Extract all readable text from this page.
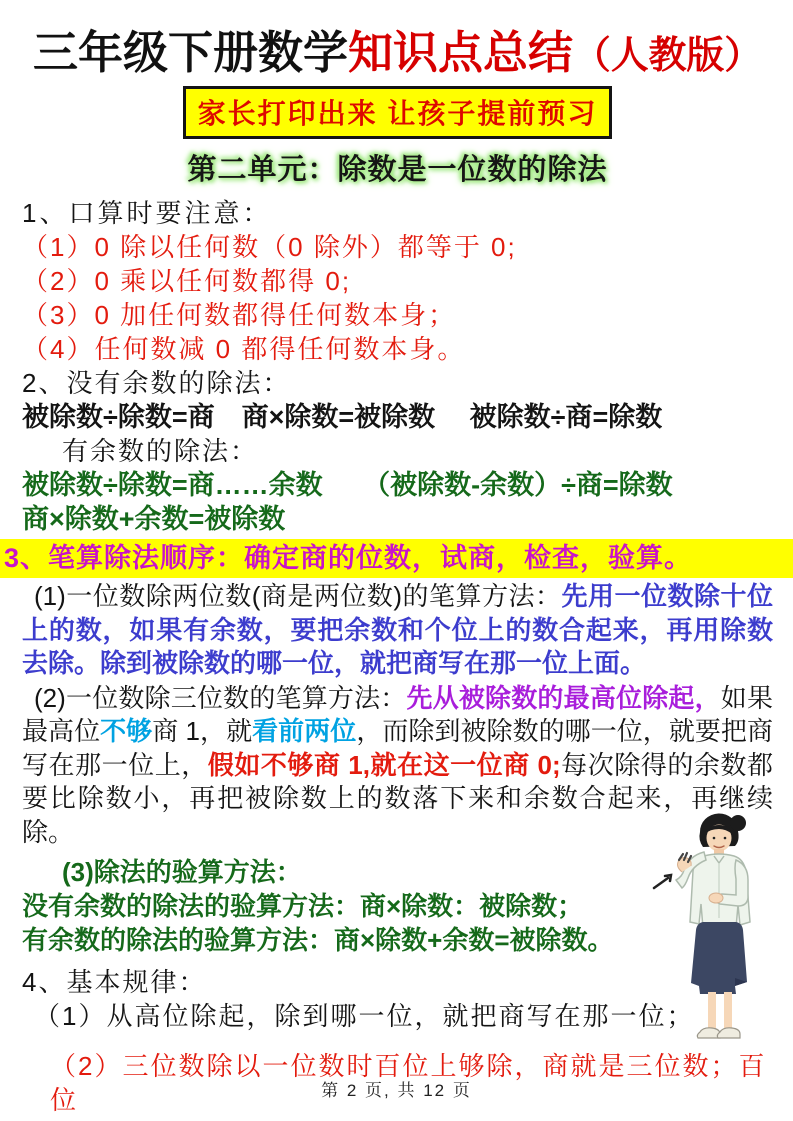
三年级下册数学知识点总结（人教版）
家长打印出来 让孩子提前预习
第二单元：除数是一位数的除法

1、口算时要注意：

（1）0 除以任何数（0 除外）都等于 0;

（2）0 乘以任何数都得 0;

（3）0 加任何数都得任何数本身；

（4）任何数减 0 都得任何数本身。

2、没有余数的除法：

被除数÷除数=商　商×除数=被除数　 被除数÷商=除数

有余数的除法：

被除数÷除数=商……余数　　（被除数-余数）÷商=除数

商×除数+余数=被除数

3、笔算除法顺序：确定商的位数，试商，检查，验算。

(1)一位数除两位数(商是两位数)的笔算方法：先用一位数除十位上的数，如果有余数，要把余数和个位上的数合起来，再用除数去除。除到被除数的哪一位，就把商写在那一位上面。

(2)一位数除三位数的笔算方法：先从被除数的最高位除起，如果最高位不够商 1，就看前两位，而除到被除数的哪一位，就要把商写在那一位上，假如不够商 1,就在这一位商 0;每次除得的余数都要比除数小，再把被除数上的数落下来和余数合起来，再继续除。

(3)除法的验算方法：

没有余数的除法的验算方法：商×除数：被除数；

有余数的除法的验算方法：商×除数+余数=被除数。

4、基本规律：

（1）从高位除起，除到哪一位，就把商写在那一位；

（2）三位数除以一位数时百位上够除，商就是三位数；百位	第 2 页, 共 12 页
